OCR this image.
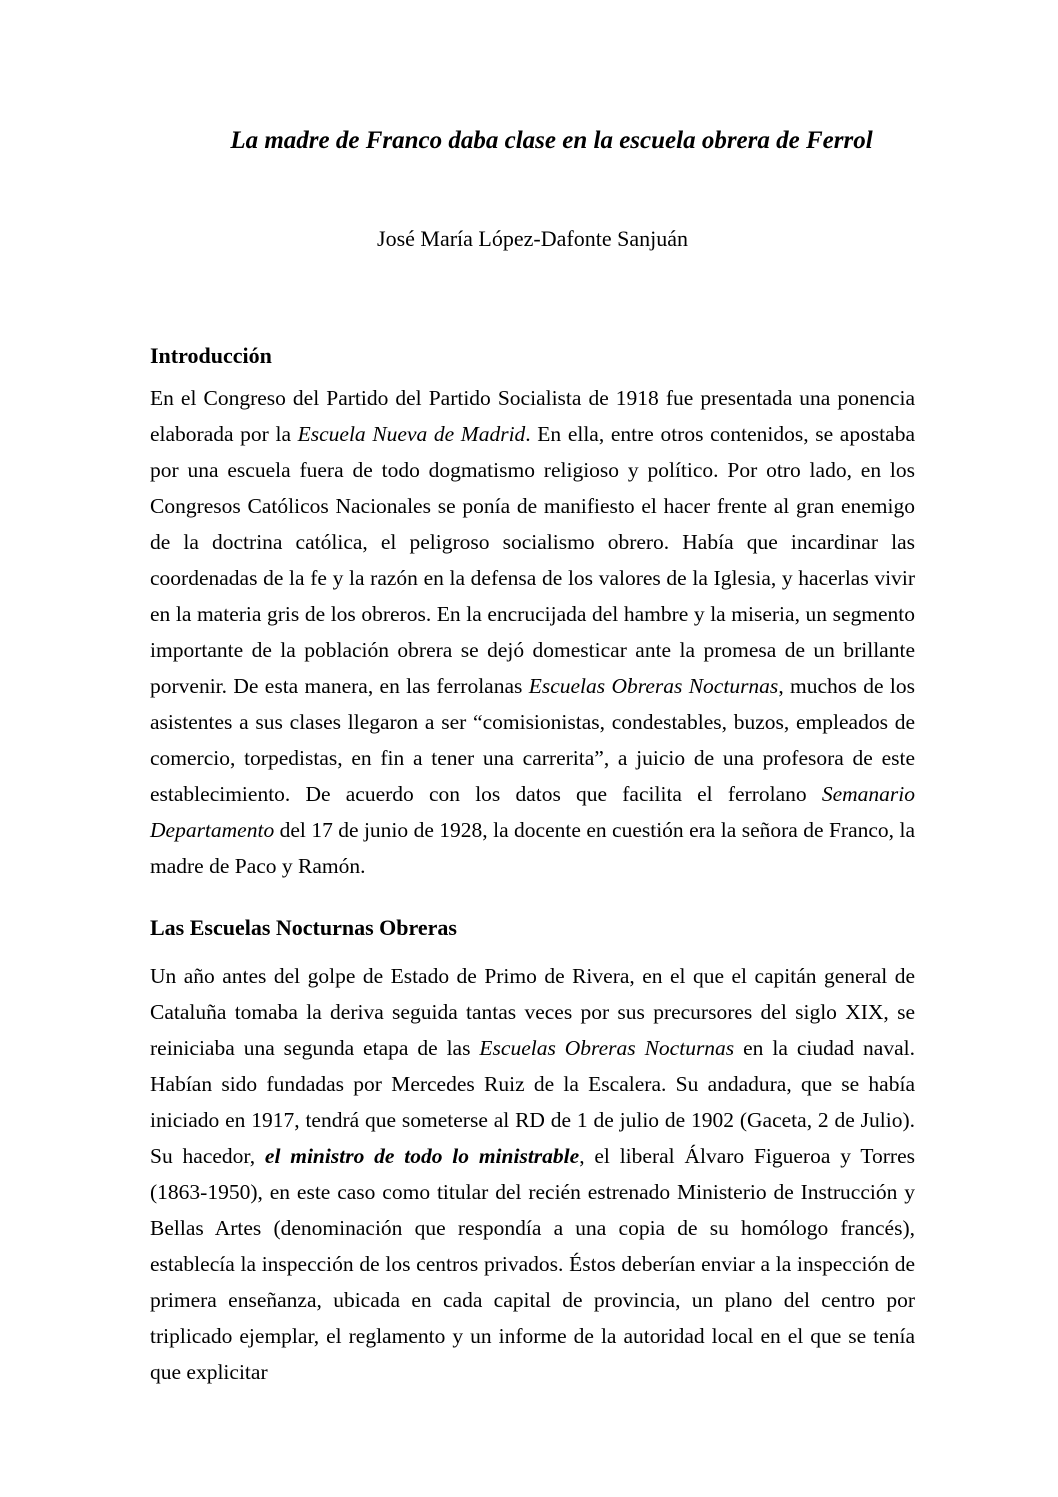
La madre de Franco daba clase en la escuela obrera de Ferrol
José María López-Dafonte Sanjuán
Introducción

En el Congreso del Partido del Partido Socialista de 1918 fue presentada una ponencia elaborada por la Escuela Nueva de Madrid. En ella, entre otros contenidos, se apostaba por una escuela fuera de todo dogmatismo religioso y político. Por otro lado, en los Congresos Católicos Nacionales se ponía de manifiesto el hacer frente al gran enemigo de la doctrina católica, el peligroso socialismo obrero. Había que incardinar las coordenadas de la fe y la razón en la defensa de los valores de la Iglesia, y hacerlas vivir en la materia gris de los obreros. En la encrucijada del hambre y la miseria, un segmento importante de la población obrera se dejó domesticar ante la promesa de un brillante porvenir. De esta manera, en las ferrolanas Escuelas Obreras Nocturnas, muchos de los asistentes a sus clases llegaron a ser “comisionistas, condestables, buzos, empleados de comercio, torpedistas, en fin a tener una carrerita”, a juicio de una profesora de este establecimiento. De acuerdo con los datos que facilita el ferrolano Semanario Departamento del 17 de junio de 1928, la docente en cuestión era la señora de Franco, la madre de Paco y Ramón.

Las Escuelas Nocturnas Obreras

Un año antes del golpe de Estado de Primo de Rivera, en el que el capitán general de Cataluña tomaba la deriva seguida tantas veces por sus precursores del siglo XIX, se reiniciaba una segunda etapa de las Escuelas Obreras Nocturnas en la ciudad naval. Habían sido fundadas por Mercedes Ruiz de la Escalera. Su andadura, que se había iniciado en 1917, tendrá que someterse al RD de 1 de julio de 1902 (Gaceta, 2 de Julio). Su hacedor, el ministro de todo lo ministrable, el liberal Álvaro Figueroa y Torres (1863-1950), en este caso como titular del recién estrenado Ministerio de Instrucción y Bellas Artes (denominación que respondía a una copia de su homólogo francés), establecía la inspección de los centros privados. Éstos deberían enviar a la inspección de primera enseñanza, ubicada en cada capital de provincia, un plano del centro por triplicado ejemplar, el reglamento y un informe de la autoridad local en el que se tenía que explicitar
